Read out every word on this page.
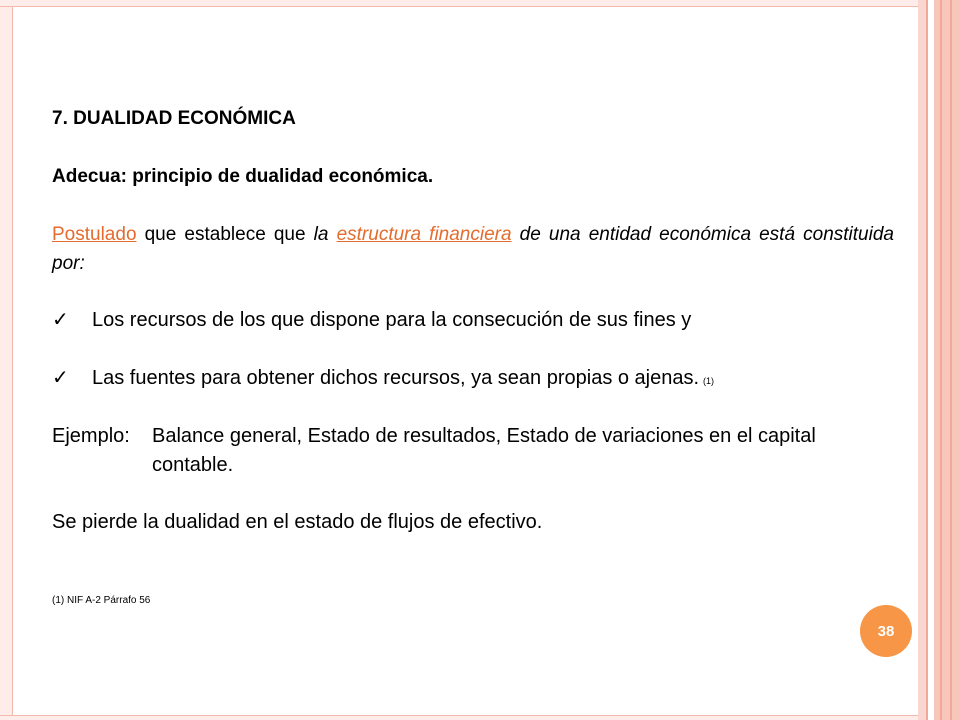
7. DUALIDAD ECONÓMICA

Adecua: principio de dualidad económica.

Postulado que establece que la estructura financiera de una entidad económica está constituida por:

✓	Los recursos de los que dispone para la consecución de sus fines y
✓	Las fuentes para obtener dichos recursos, ya sean propias o ajenas. (1)
Ejemplo: Balance general, Estado de resultados, Estado de variaciones en el capital contable.
Se pierde la dualidad en el estado de flujos de efectivo.
(1) NIF A-2 Párrafo 56
38
